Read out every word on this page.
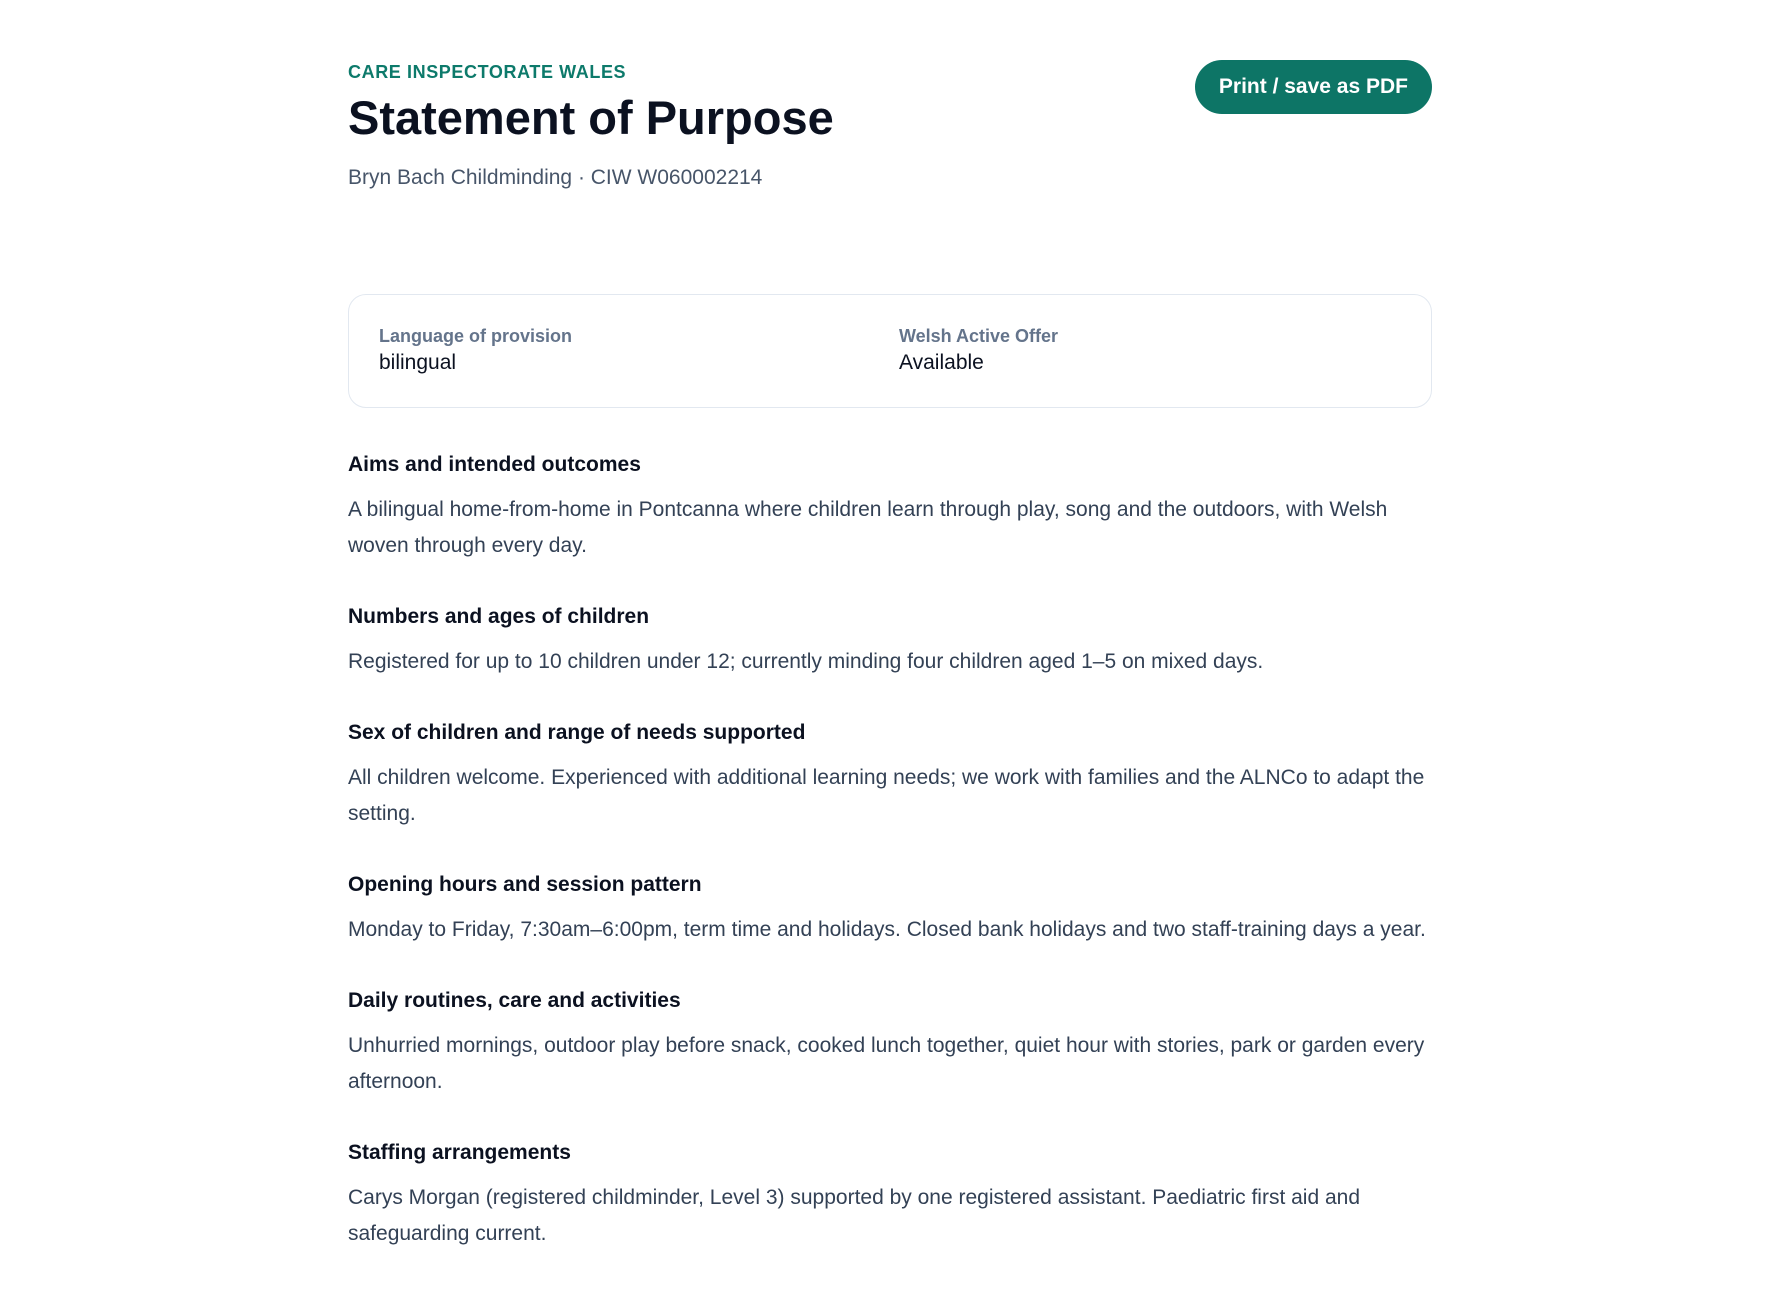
CARE INSPECTORATE WALES

Statement of Purpose

Bryn Bach Childminding · CIW W060002214

Print / save as PDF
Language of provision
bilingual
Welsh Active Offer
Available
Aims and intended outcomes

A bilingual home-from-home in Pontcanna where children learn through play, song and the outdoors, with Welsh woven through every day.

Numbers and ages of children

Registered for up to 10 children under 12; currently minding four children aged 1–5 on mixed days.

Sex of children and range of needs supported

All children welcome. Experienced with additional learning needs; we work with families and the ALNCo to adapt the setting.

Opening hours and session pattern

Monday to Friday, 7:30am–6:00pm, term time and holidays. Closed bank holidays and two staff-training days a year.

Daily routines, care and activities

Unhurried mornings, outdoor play before snack, cooked lunch together, quiet hour with stories, park or garden every afternoon.

Staffing arrangements

Carys Morgan (registered childminder, Level 3) supported by one registered assistant. Paediatric first aid and safeguarding current.
